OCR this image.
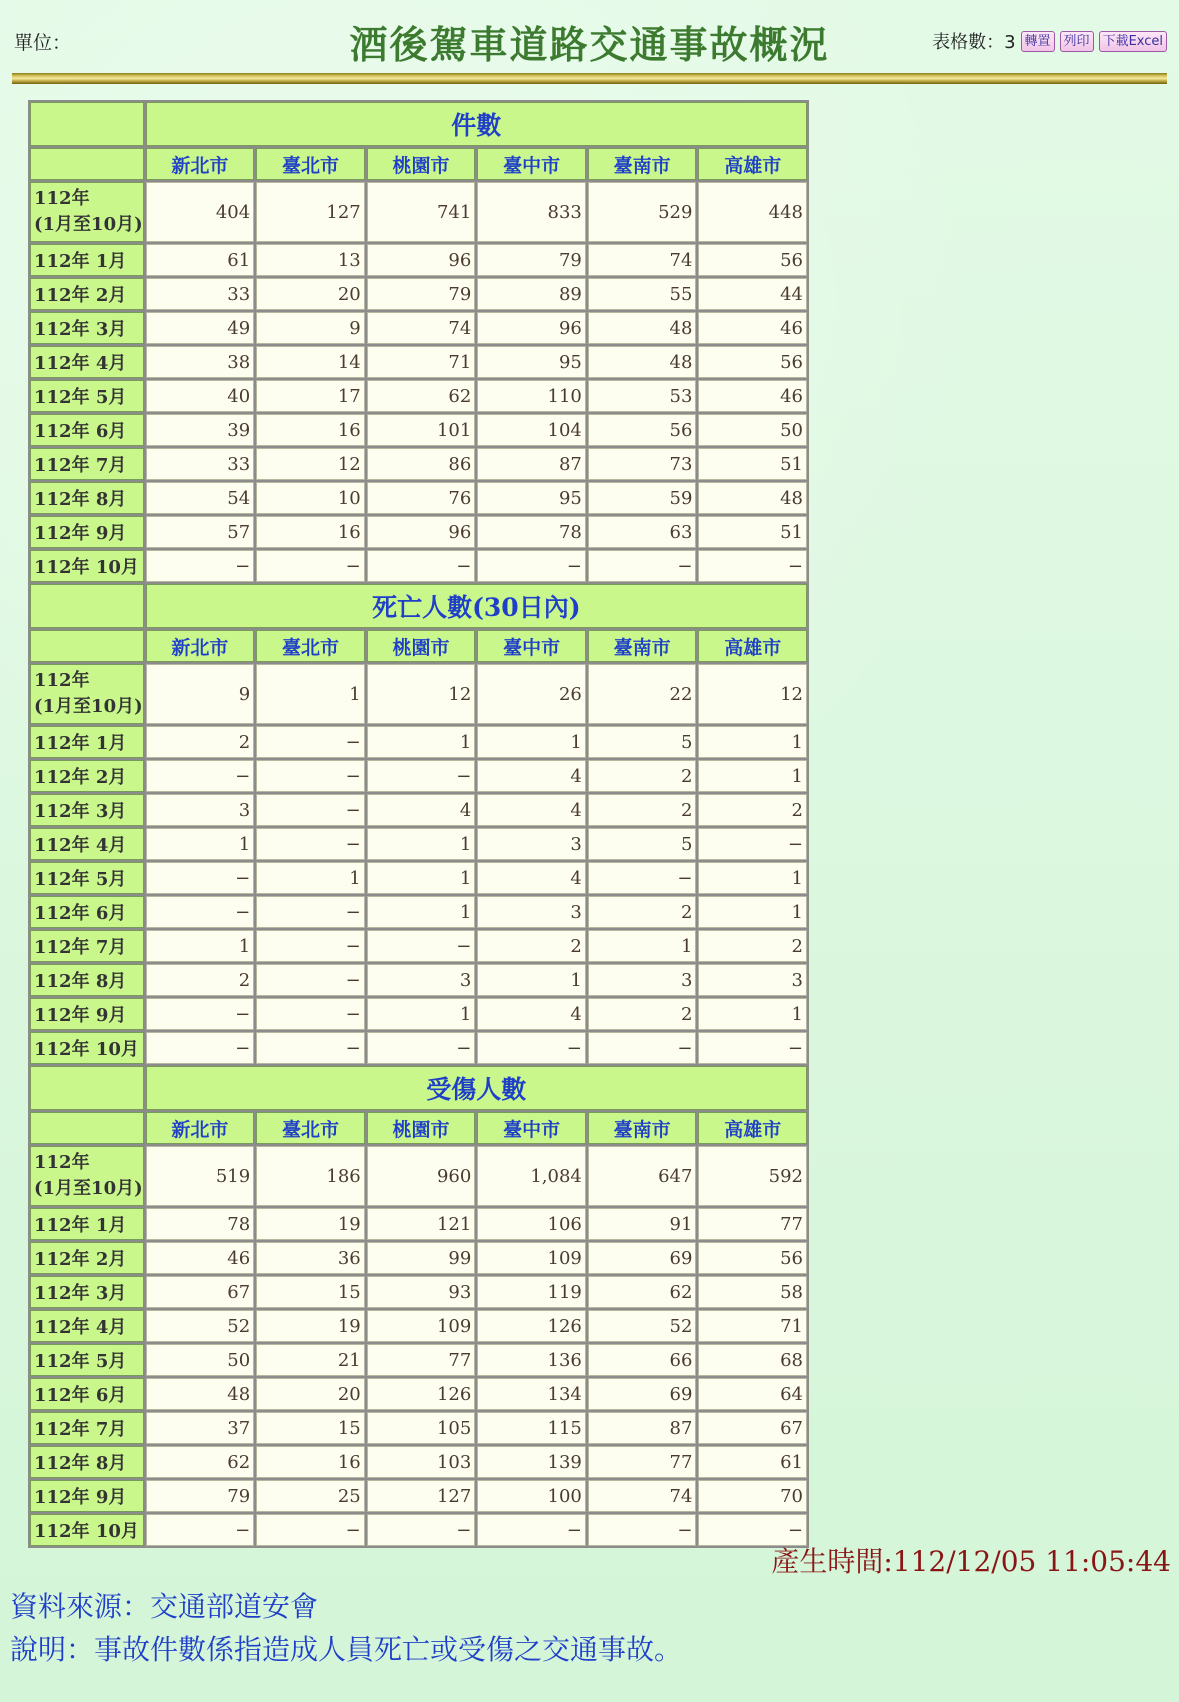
單位：	酒後駕車道路交通事故概況	表格數：3 轉置	列印	下載Excel
	件數					
	新北市	臺北市	桃園市	臺中市	臺南市	高雄市

112年
(1月至10月)	404	127	741	833	529	448

112年 1月	61	13	96	79	74	56

112年 2月	33	20	79	89	55	44

112年 3月	49	9	74	96	48	46

112年 4月	38	14	71	95	48	56

112年 5月	40	17	62	110	53	46

112年 6月	39	16	101	104	56	50

112年 7月	33	12	86	87	73	51

112年 8月	54	10	76	95	59	48

112年 9月	57	16	96	78	63	51

112年 10月	−	−	−	−	−	−
	死亡人數(30日內)					
	新北市	臺北市	桃園市	臺中市	臺南市	高雄市

112年
(1月至10月)	9	1	12	26	22	12

112年 1月	2	−	1	1	5	1

112年 2月	−	−	−	4	2	1

112年 3月	3	−	4	4	2	2

112年 4月	1	−	1	3	5	−

112年 5月	−	1	1	4	−	1

112年 6月	−	−	1	3	2	1

112年 7月	1	−	−	2	1	2

112年 8月	2	−	3	1	3	3

112年 9月	−	−	1	4	2	1

112年 10月	−	−	−	−	−	−
	受傷人數					
	新北市	臺北市	桃園市	臺中市	臺南市	高雄市

112年
(1月至10月)	519	186	960	1,084	647	592

112年 1月	78	19	121	106	91	77

112年 2月	46	36	99	109	69	56

112年 3月	67	15	93	119	62	58

112年 4月	52	19	109	126	52	71

112年 5月	50	21	77	136	66	68

112年 6月	48	20	126	134	69	64

112年 7月	37	15	105	115	87	67

112年 8月	62	16	103	139	77	61

112年 9月	79	25	127	100	74	70

112年 10月	−	−	−	−	−	−
產生時間:112/12/05 11:05:44
資料來源：交通部道安會
說明：事故件數係指造成人員死亡或受傷之交通事故。
